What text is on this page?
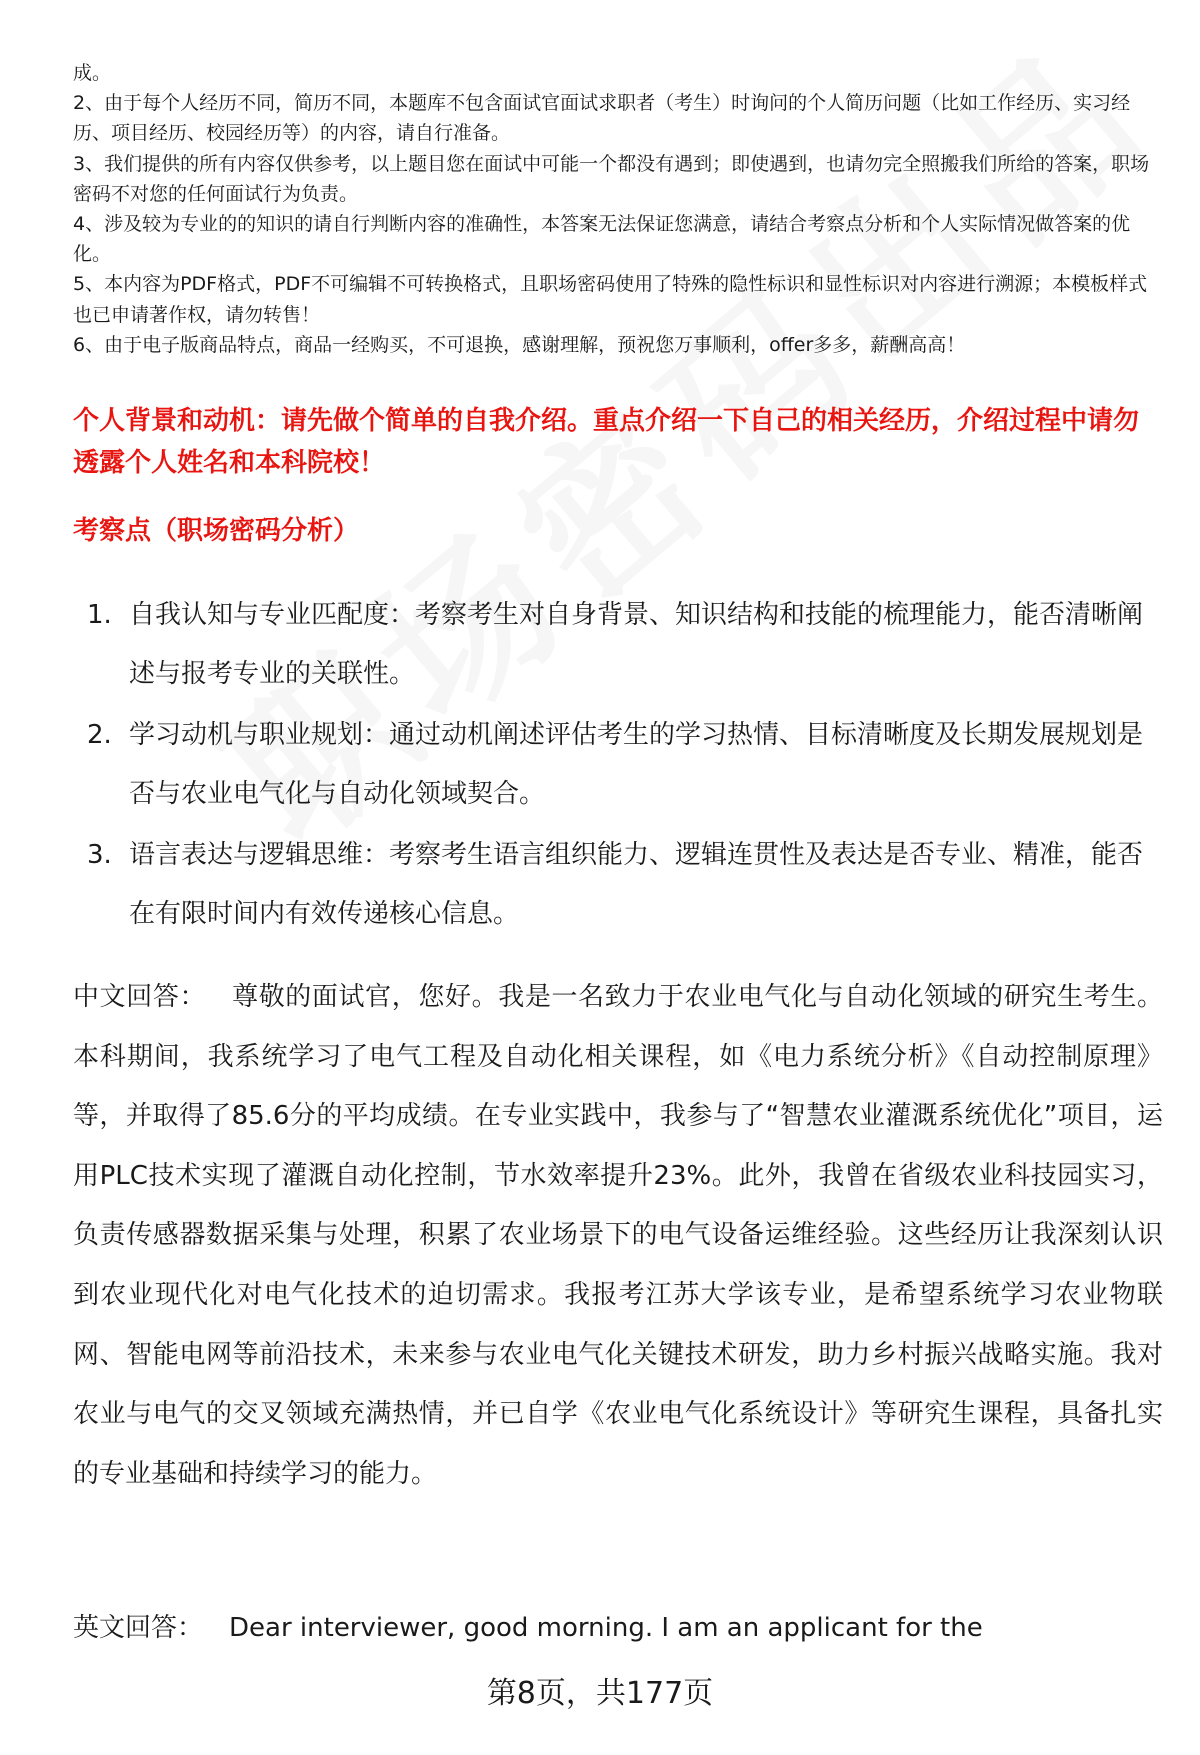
成。

2、由于每个人经历不同，简历不同，本题库不包含面试官面试求职者（考生）时询问的个人简历问题（比如工作经历、实习经历、项目经历、校园经历等）的内容，请自行准备。

3、我们提供的所有内容仅供参考，以上题目您在面试中可能一个都没有遇到；即使遇到，也请勿完全照搬我们所给的答案，职场密码不对您的任何面试行为负责。

4、涉及较为专业的的知识的请自行判断内容的准确性，本答案无法保证您满意，请结合考察点分析和个人实际情况做答案的优化。

5、本内容为PDF格式，PDF不可编辑不可转换格式，且职场密码使用了特殊的隐性标识和显性标识对内容进行溯源；本模板样式也已申请著作权，请勿转售！

6、由于电子版商品特点，商品一经购买，不可退换，感谢理解，预祝您万事顺利，offer多多，薪酬高高！

个人背景和动机：请先做个简单的自我介绍。重点介绍一下自己的相关经历，介绍过程中请勿透露个人姓名和本科院校！
考察点（职场密码分析）
1. 自我认知与专业匹配度：考察考生对自身背景、知识结构和技能的梳理能力，能否清晰阐述与报考专业的关联性。
2. 学习动机与职业规划：通过动机阐述评估考生的学习热情、目标清晰度及长期发展规划是否与农业电气化与自动化领域契合。
3. 语言表达与逻辑思维：考察考生语言组织能力、逻辑连贯性及表达是否专业、精准，能否在有限时间内有效传递核心信息。

中文回答： 尊敬的面试官，您好。我是一名致力于农业电气化与自动化领域的研究生考生。本科期间，我系统学习了电气工程及自动化相关课程，如《电力系统分析》《自动控制原理》等，并取得了85.6分的平均成绩。在专业实践中，我参与了“智慧农业灌溉系统优化”项目，运用PLC技术实现了灌溉自动化控制，节水效率提升23%。此外，我曾在省级农业科技园实习，负责传感器数据采集与处理，积累了农业场景下的电气设备运维经验。这些经历让我深刻认识到农业现代化对电气化技术的迫切需求。我报考江苏大学该专业，是希望系统学习农业物联网、智能电网等前沿技术，未来参与农业电气化关键技术研发，助力乡村振兴战略实施。我对农业与电气的交叉领域充满热情，并已自学《农业电气化系统设计》等研究生课程，具备扎实的专业基础和持续学习的能力。

英文回答： Dear interviewer, good morning. I am an applicant for the

第8页，共177页
